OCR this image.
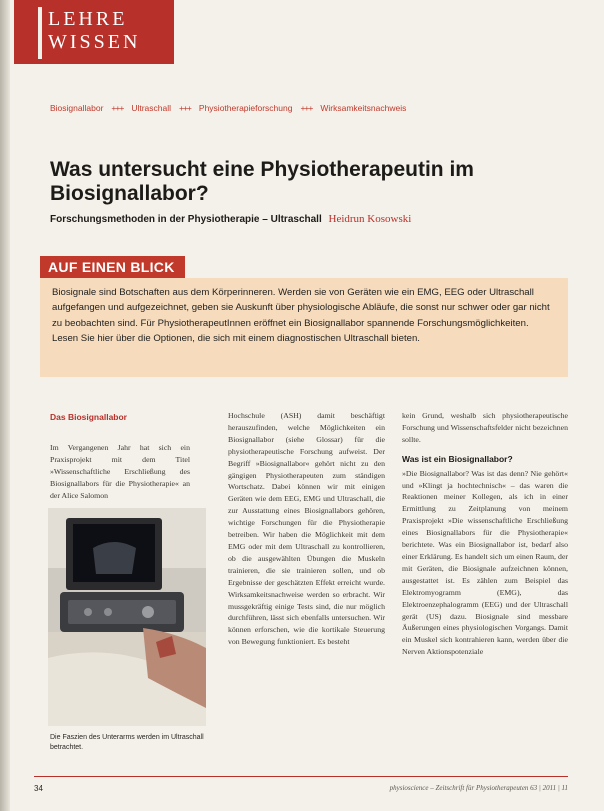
LEHRE
WISSEN
Biosignallabor +++ Ultraschall +++ Physiotherapieforschung +++ Wirksamkeitsnachweis
Was untersucht eine Physiotherapeutin im Biosignallabor?
Forschungsmethoden in der Physiotherapie – Ultraschall Heidrun Kosowski
AUF EINEN BLICK

Biosignale sind Botschaften aus dem Körperinneren. Werden sie von Geräten wie ein EMG, EEG oder Ultraschall aufgefangen und aufgezeichnet, geben sie Auskunft über physiologische Abläufe, die sonst nur schwer oder gar nicht zu beobachten sind. Für PhysiotherapeutInnen eröffnet ein Biosignallabor spannende Forschungsmöglichkeiten. Lesen Sie hier über die Optionen, die sich mit einem diagnostischen Ultraschall bieten.

Das Biosignallabor

Im Vergangenen Jahr hat sich ein Praxisprojekt mit dem Titel »Wissenschaftliche Erschließung des Biosignallabors für die Physiotherapie« an der Alice Salomon

Die Faszien des Unterarms werden im Ultraschall betrachtet.

Hochschule (ASH) damit beschäftigt herauszufinden, welche Möglichkeiten ein Biosignallabor (siehe Glossar) für die physiotherapeutische Forschung aufweist. Der Begriff »Biosignallabor« gehört nicht zu den gängigen Physiotherapeuten zum ständigen Wortschatz. Dabei können wir mit einigen Geräten wie dem EEG, EMG und Ultraschall, die zur Ausstattung eines Biosignallabors gehören, wichtige Forschungen für die Physiotherapie betreiben. Wir haben die Möglichkeit mit dem EMG oder mit dem Ultraschall zu kontrollieren, ob die ausgewählten Übungen die Muskeln trainieren, die sie trainieren sollen, und ob Ergebnisse der geschätzten Effekt erreicht wurde. Wirksamkeitsnachweise werden so erbracht. Wir mussgekräftig einige Tests sind, die nur möglich durchführen, lässt sich ebenfalls untersuchen. Wir können erforschen, wie die kortikale Steuerung von Bewegung funktioniert. Es besteht

kein Grund, weshalb sich physiotherapeutische Forschung und Wissenschaftsfelder nicht bezeichnen sollte.

Was ist ein Biosignallabor?

»Die Biosignallabor? Was ist das denn? Nie gehört« und »Klingt ja hochtechnisch« – das waren die Reaktionen meiner Kollegen, als ich in einer Ermittlung zu Zeitplanung von meinem Praxisprojekt »Die wissenschaftliche Erschließung eines Biosignallabors für die Physiotherapie« berichtete. Was ein Biosignallabor ist, bedarf also einer Erklärung. Es handelt sich um einen Raum, der mit Geräten, die Biosignale aufzeichnen können, ausgestattet ist. Es zählen zum Beispiel das Elektromyogramm (EMG), das Elektroenzephalogramm (EEG) und der Ultraschall gerät (US) dazu. Biosignale sind messbare Äußerungen eines physiologischen Vorgangs. Damit ein Muskel sich kontrahieren kann, werden über die Nerven Aktionspotenziale

34	physioscience – Zeitschrift für Physiotherapeuten 63 | 2011 | 11
